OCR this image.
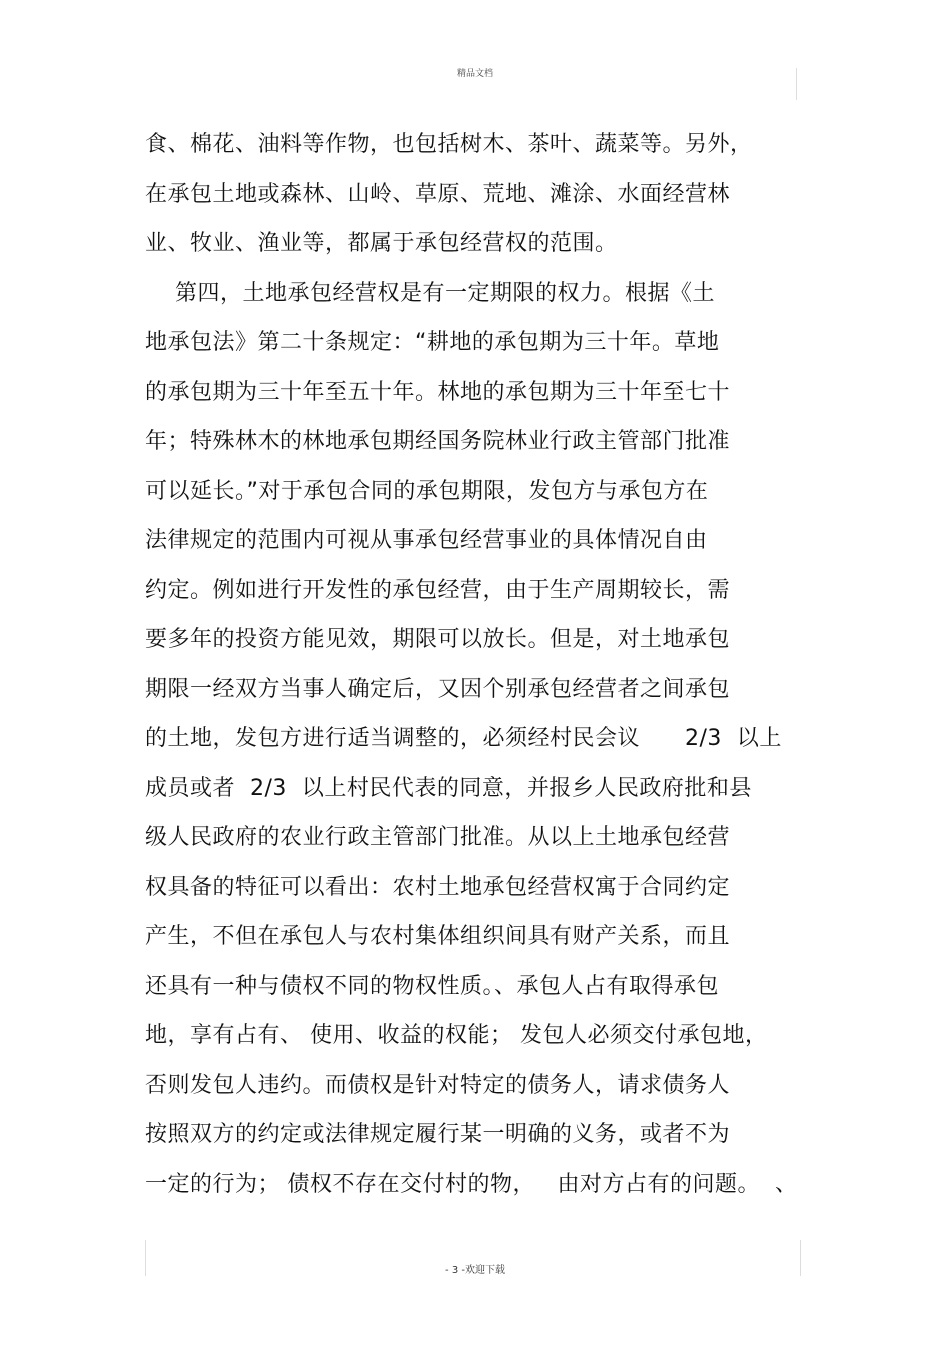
精品文档
食、棉花、油料等作物，也包括树木、茶叶、蔬菜等。另外，
在承包土地或森林、山岭、草原、荒地、滩涂、水面经营林
业、牧业、渔业等，都属于承包经营权的范围。
第四，土地承包经营权是有一定期限的权力。根据《土
地承包法》第二十条规定：“耕地的承包期为三十年。草地
的承包期为三十年至五十年。林地的承包期为三十年至七十
年；特殊林木的林地承包期经国务院林业行政主管部门批准
可以延长。”对于承包合同的承包期限，发包方与承包方在
法律规定的范围内可视从事承包经营事业的具体情况自由
约定。例如进行开发性的承包经营，由于生产周期较长，需
要多年的投资方能见效，期限可以放长。但是，对土地承包
期限一经双方当事人确定后，又因个别承包经营者之间承包
的土地，发包方进行适当调整的，必须经村民会议      2/3  以上
成员或者  2/3  以上村民代表的同意，并报乡人民政府批和县
级人民政府的农业行政主管部门批准。从以上土地承包经营
权具备的特征可以看出：农村土地承包经营权寓于合同约定
产生，不但在承包人与农村集体组织间具有财产关系，而且
还具有一种与债权不同的物权性质。、承包人占有取得承包
地，享有占有、 使用、收益的权能； 发包人必须交付承包地，
否则发包人违约。而债权是针对特定的债务人，请求债务人
按照双方的约定或法律规定履行某一明确的义务，或者不为
一定的行为； 债权不存在交付村的物，   由对方占有的问题。  、
- 3 -欢迎下载
